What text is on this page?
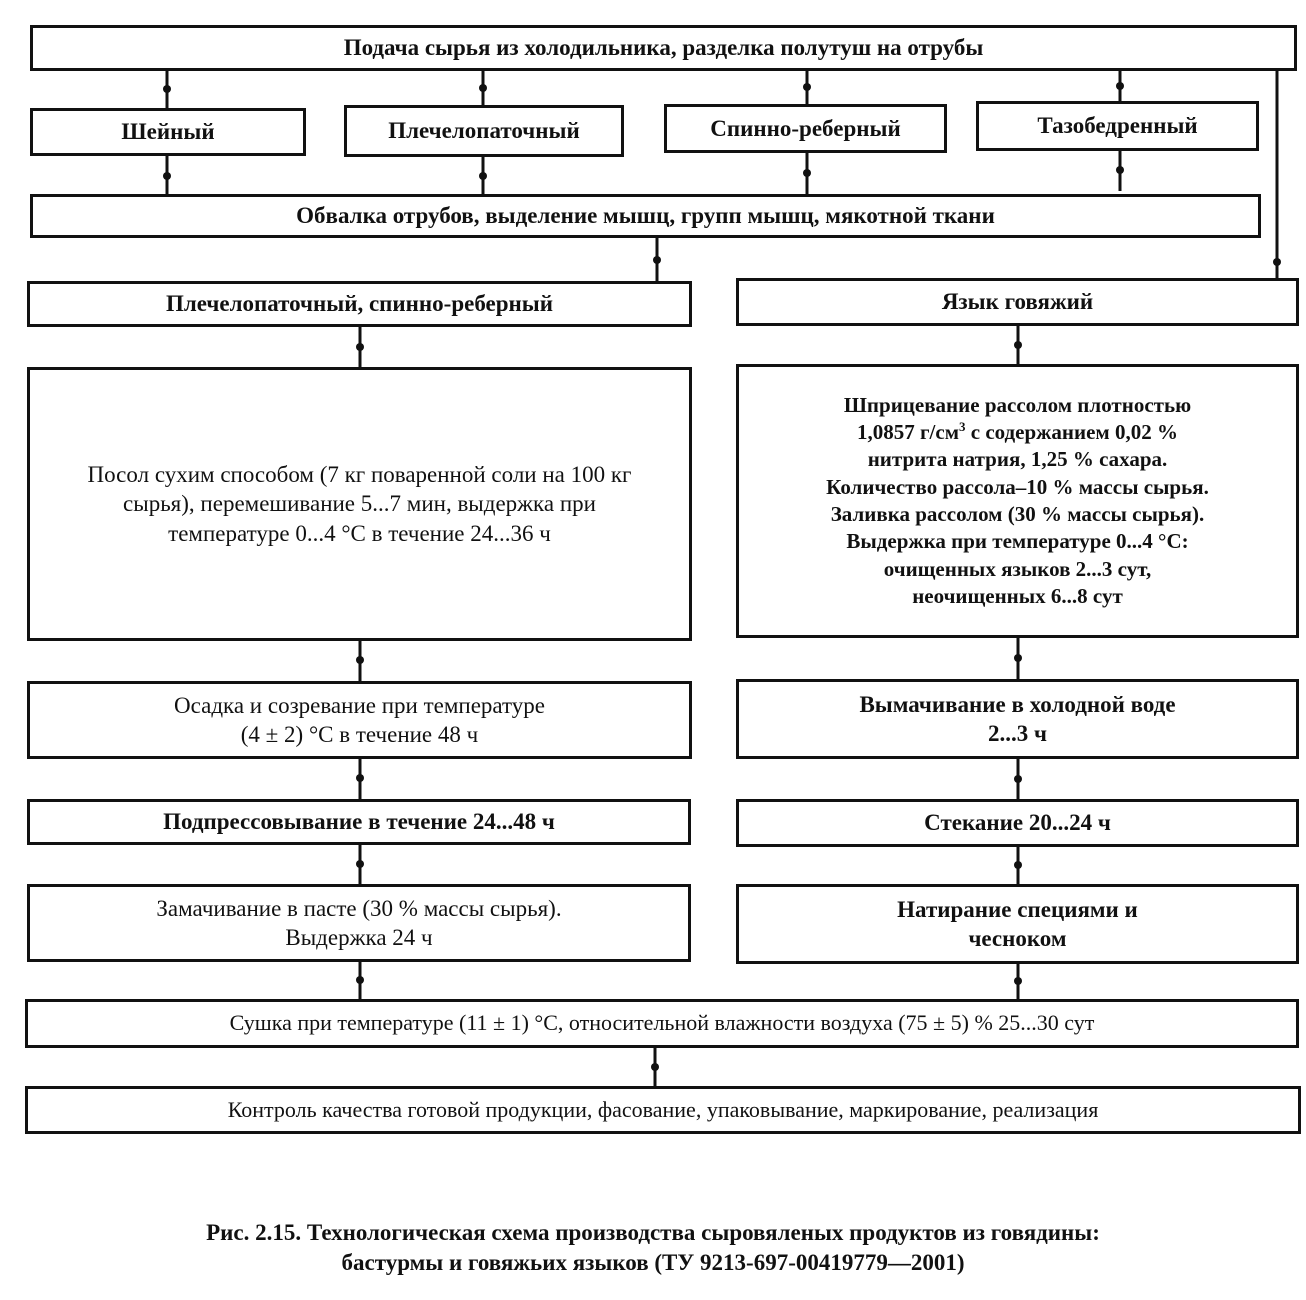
Подача сырья из холодильника, разделка полутуш на отрубы
Шейный	Плечелопаточный	Спинно-реберный	Тазобедренный
Обвалка отрубов, выделение мышц, групп мышц, мякотной ткани
Плечелопаточный, спинно-реберный	Язык говяжий
Посол сухим способом (7 кг поваренной соли на 100 кг сырья), перемешивание 5...7 мин, выдержка при температуре 0...4 °С в течение 24...36 ч
Шприцевание рассолом плотностью
1,0857 $г/см^3$ с содержанием 0,02 %
нитрита натрия, 1,25 % сахара.
Количество рассола–10 % массы сырья.
Заливка рассолом (30 % массы сырья).
Выдержка при температуре 0...4 °С:
очищенных языков 2...3 сут,
неочищенных 6...8 сут
Осадка и созревание при температуре
(4 ± 2) °С в течение 48 ч
Вымачивание в холодной воде
2...3 ч
Подпрессовывание в течение 24...48 ч	Стекание 20...24 ч
Замачивание в пасте (30 % массы сырья).
Выдержка 24 ч
Натирание специями и
чесноком
Сушка при температуре (11 ± 1) °С, относительной влажности воздуха (75 ± 5) % 25...30 сут
Контроль качества готовой продукции, фасование, упаковывание, маркирование, реализация
Рис. 2.15. Технологическая схема производства сыровяленых продуктов из говядины:
бастурмы и говяжьих языков (ТУ 9213-697-00419779—2001)
